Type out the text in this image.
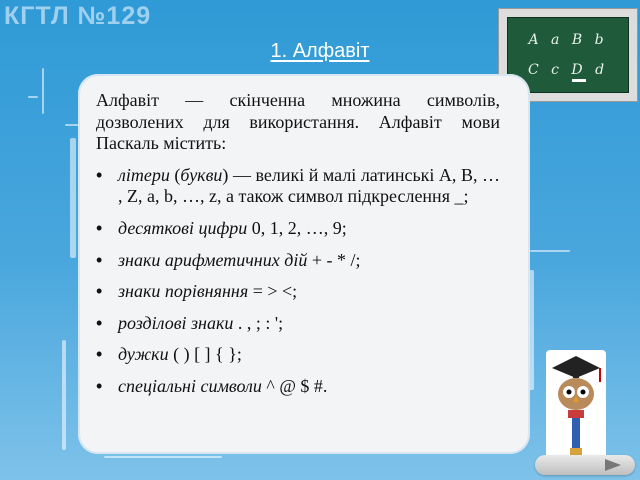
КГТЛ №129
1. Алфавіт	A a B b
C c D d

Алфавіт — скінченна множина символів, дозволених для використання. Алфавіт мови Паскаль містить:

• літери (букви) — великі й малі латинські A, B, … , Z, a, b, …, z, а також символ підкреслення _;
• десяткові цифри 0, 1, 2, …, 9;
• знаки арифметичних дій + - * /;
• знаки порівняння = > <;
• розділові знаки . , ; : ';
• дужки ( ) [ ] { };
• спеціальні символи ^ @ $ #.
